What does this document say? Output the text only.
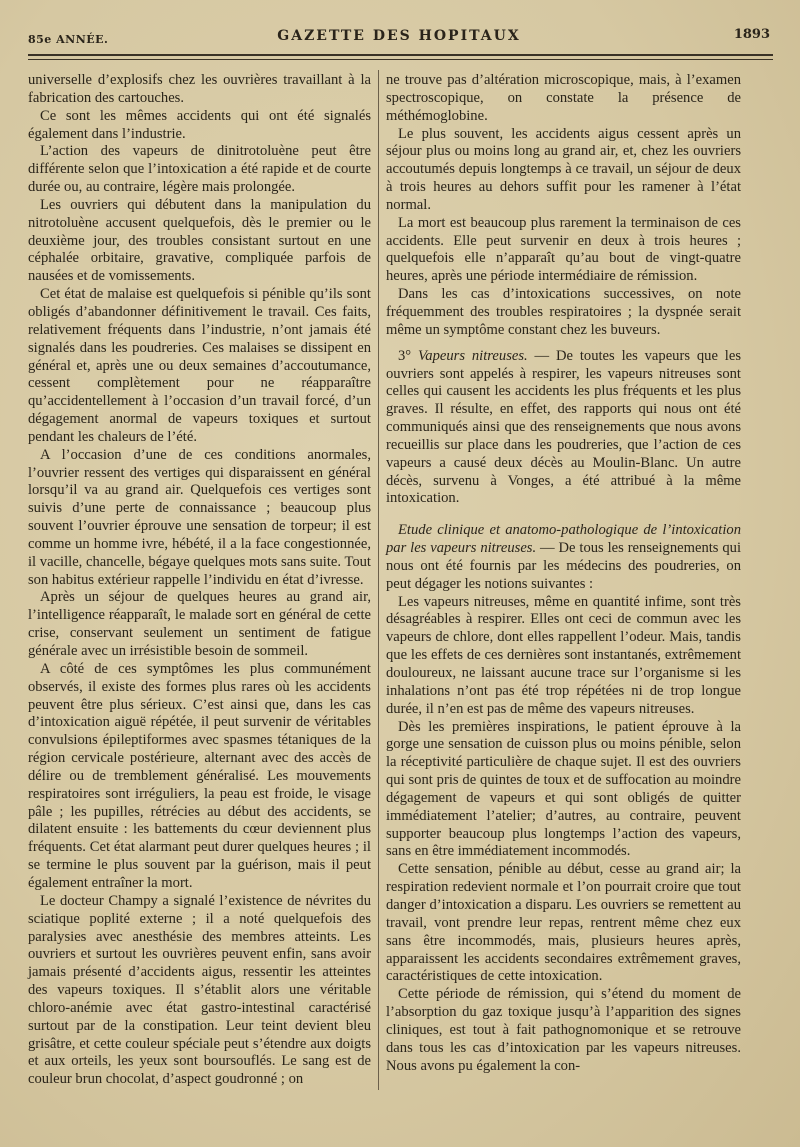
85e ANNÉE.	GAZETTE DES HOPITAUX	1893

universelle d’explosifs chez les ouvrières travaillant à la fabrication des cartouches.

Ce sont les mêmes accidents qui ont été signalés également dans l’industrie.

L’action des vapeurs de dinitrotoluène peut être différente selon que l’intoxication a été rapide et de courte durée ou, au contraire, légère mais prolongée.

Les ouvriers qui débutent dans la manipulation du nitrotoluène accusent quelquefois, dès le premier ou le deuxième jour, des troubles consistant surtout en une céphalée orbitaire, gravative, compliquée parfois de nausées et de vomissements.

Cet état de malaise est quelquefois si pénible qu’ils sont obligés d’abandonner définitivement le travail. Ces faits, relativement fréquents dans l’industrie, n’ont jamais été signalés dans les poudreries. Ces malaises se dissipent en général et, après une ou deux semaines d’accoutumance, cessent complètement pour ne réapparaître qu’accidentellement à l’occasion d’un travail forcé, d’un dégagement anormal de vapeurs toxiques et surtout pendant les chaleurs de l’été.

A l’occasion d’une de ces conditions anormales, l’ouvrier ressent des vertiges qui disparaissent en général lorsqu’il va au grand air. Quelquefois ces vertiges sont suivis d’une perte de connaissance ; beaucoup plus souvent l’ouvrier éprouve une sensation de torpeur; il est comme un homme ivre, hébété, il a la face congestionnée, il vacille, chancelle, bégaye quelques mots sans suite. Tout son habitus extérieur rappelle l’individu en état d’ivresse.

Après un séjour de quelques heures au grand air, l’intelligence réapparaît, le malade sort en général de cette crise, conservant seulement un sentiment de fatigue générale avec un irrésistible besoin de sommeil.

A côté de ces symptômes les plus communément observés, il existe des formes plus rares où les accidents peuvent être plus sérieux. C’est ainsi que, dans les cas d’intoxication aiguë répétée, il peut survenir de véritables convulsions épileptiformes avec spasmes tétaniques de la région cervicale postérieure, alternant avec des accès de délire ou de tremblement généralisé. Les mouvements respiratoires sont irréguliers, la peau est froide, le visage pâle ; les pupilles, rétrécies au début des accidents, se dilatent ensuite : les battements du cœur deviennent plus fréquents. Cet état alarmant peut durer quelques heures ; il se termine le plus souvent par la guérison, mais il peut également entraîner la mort.

Le docteur Champy a signalé l’existence de névrites du sciatique poplité externe ; il a noté quelquefois des paralysies avec anesthésie des membres atteints. Les ouvriers et surtout les ouvrières peuvent enfin, sans avoir jamais présenté d’accidents aigus, ressentir les atteintes des vapeurs toxiques. Il s’établit alors une véritable chloro-anémie avec état gastro-intestinal caractérisé surtout par de la constipation. Leur teint devient bleu grisâtre, et cette couleur spéciale peut s’étendre aux doigts et aux orteils, les yeux sont boursouflés. Le sang est de couleur brun chocolat, d’aspect goudronné ; on

ne trouve pas d’altération microscopique, mais, à l’examen spectroscopique, on constate la présence de méthémoglobine.

Le plus souvent, les accidents aigus cessent après un séjour plus ou moins long au grand air, et, chez les ouvriers accoutumés depuis longtemps à ce travail, un séjour de deux à trois heures au dehors suffit pour les ramener à l’état normal.

La mort est beaucoup plus rarement la terminaison de ces accidents. Elle peut survenir en deux à trois heures ; quelquefois elle n’apparaît qu’au bout de vingt-quatre heures, après une période intermédiaire de rémission.

Dans les cas d’intoxications successives, on note fréquemment des troubles respiratoires ; la dyspnée serait même un symptôme constant chez les buveurs.

3° Vapeurs nitreuses. — De toutes les vapeurs que les ouvriers sont appelés à respirer, les vapeurs nitreuses sont celles qui causent les accidents les plus fréquents et les plus graves. Il résulte, en effet, des rapports qui nous ont été communiqués ainsi que des renseignements que nous avons recueillis sur place dans les poudreries, que l’action de ces vapeurs a causé deux décès au Moulin-Blanc. Un autre décès, survenu à Vonges, a été attribué à la même intoxication.

Etude clinique et anatomo-pathologique de l’intoxication par les vapeurs nitreuses. — De tous les renseignements qui nous ont été fournis par les médecins des poudreries, on peut dégager les notions suivantes :

Les vapeurs nitreuses, même en quantité infime, sont très désagréables à respirer. Elles ont ceci de commun avec les vapeurs de chlore, dont elles rappellent l’odeur. Mais, tandis que les effets de ces dernières sont instantanés, extrêmement douloureux, ne laissant aucune trace sur l’organisme si les inhalations n’ont pas été trop répétées ni de trop longue durée, il n’en est pas de même des vapeurs nitreuses.

Dès les premières inspirations, le patient éprouve à la gorge une sensation de cuisson plus ou moins pénible, selon la réceptivité particulière de chaque sujet. Il est des ouvriers qui sont pris de quintes de toux et de suffocation au moindre dégagement de vapeurs et qui sont obligés de quitter immédiatement l’atelier; d’autres, au contraire, peuvent supporter beaucoup plus longtemps l’action des vapeurs, sans en être immédiatement incommodés.

Cette sensation, pénible au début, cesse au grand air; la respiration redevient normale et l’on pourrait croire que tout danger d’intoxication a disparu. Les ouvriers se remettent au travail, vont prendre leur repas, rentrent même chez eux sans être incommodés, mais, plusieurs heures après, apparaissent les accidents secondaires extrêmement graves, caractéristiques de cette intoxication.

Cette période de rémission, qui s’étend du moment de l’absorption du gaz toxique jusqu’à l’apparition des signes cliniques, est tout à fait pathognomonique et se retrouve dans tous les cas d’intoxication par les vapeurs nitreuses. Nous avons pu également la con-
